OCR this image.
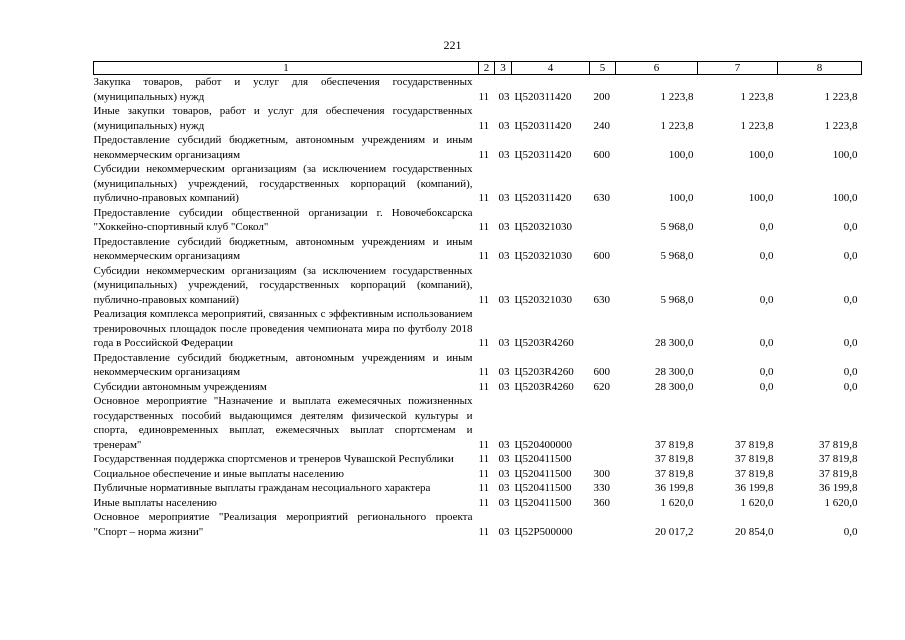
221
1	2	3	4	5	6	7	8
Закупка товаров, работ и услуг для обеспечения государственных (муниципальных) нужд	11	03	Ц520311420	200	1 223,8	1 223,8	1 223,8
Иные закупки товаров, работ и услуг для обеспечения государственных (муниципальных) нужд	11	03	Ц520311420	240	1 223,8	1 223,8	1 223,8
Предоставление субсидий бюджетным, автономным учреждениям и иным некоммерческим организациям	11	03	Ц520311420	600	100,0	100,0	100,0
Субсидии некоммерческим организациям (за исключением государственных (муниципальных) учреждений, государственных корпораций (компаний), публично-правовых компаний)	11	03	Ц520311420	630	100,0	100,0	100,0
Предоставление субсидии общественной организации г. Новочебоксарска "Хоккейно-спортивный клуб "Сокол"	11	03	Ц520321030		5 968,0	0,0	0,0
Предоставление субсидий бюджетным, автономным учреждениям и иным некоммерческим организациям	11	03	Ц520321030	600	5 968,0	0,0	0,0
Субсидии некоммерческим организациям (за исключением государственных (муниципальных) учреждений, государственных корпораций (компаний), публично-правовых компаний)	11	03	Ц520321030	630	5 968,0	0,0	0,0
Реализация комплекса мероприятий, связанных с эффективным использованием тренировочных площадок после проведения чемпионата мира по футболу 2018 года в Российской Федерации	11	03	Ц5203R4260		28 300,0	0,0	0,0
Предоставление субсидий бюджетным, автономным учреждениям и иным некоммерческим организациям	11	03	Ц5203R4260	600	28 300,0	0,0	0,0
Субсидии автономным учреждениям	11	03	Ц5203R4260	620	28 300,0	0,0	0,0
Основное мероприятие "Назначение и выплата ежемесячных пожизненных государственных пособий выдающимся деятелям физической культуры и спорта, единовременных выплат, ежемесячных выплат спортсменам и тренерам"	11	03	Ц520400000		37 819,8	37 819,8	37 819,8
Государственная поддержка спортсменов и тренеров Чувашской Республики	11	03	Ц520411500		37 819,8	37 819,8	37 819,8
Социальное обеспечение и иные выплаты населению	11	03	Ц520411500	300	37 819,8	37 819,8	37 819,8
Публичные нормативные выплаты гражданам несоциального характера	11	03	Ц520411500	330	36 199,8	36 199,8	36 199,8
Иные выплаты населению	11	03	Ц520411500	360	1 620,0	1 620,0	1 620,0
Основное мероприятие "Реализация мероприятий регионального проекта "Спорт – норма жизни"	11	03	Ц52P500000		20 017,2	20 854,0	0,0
